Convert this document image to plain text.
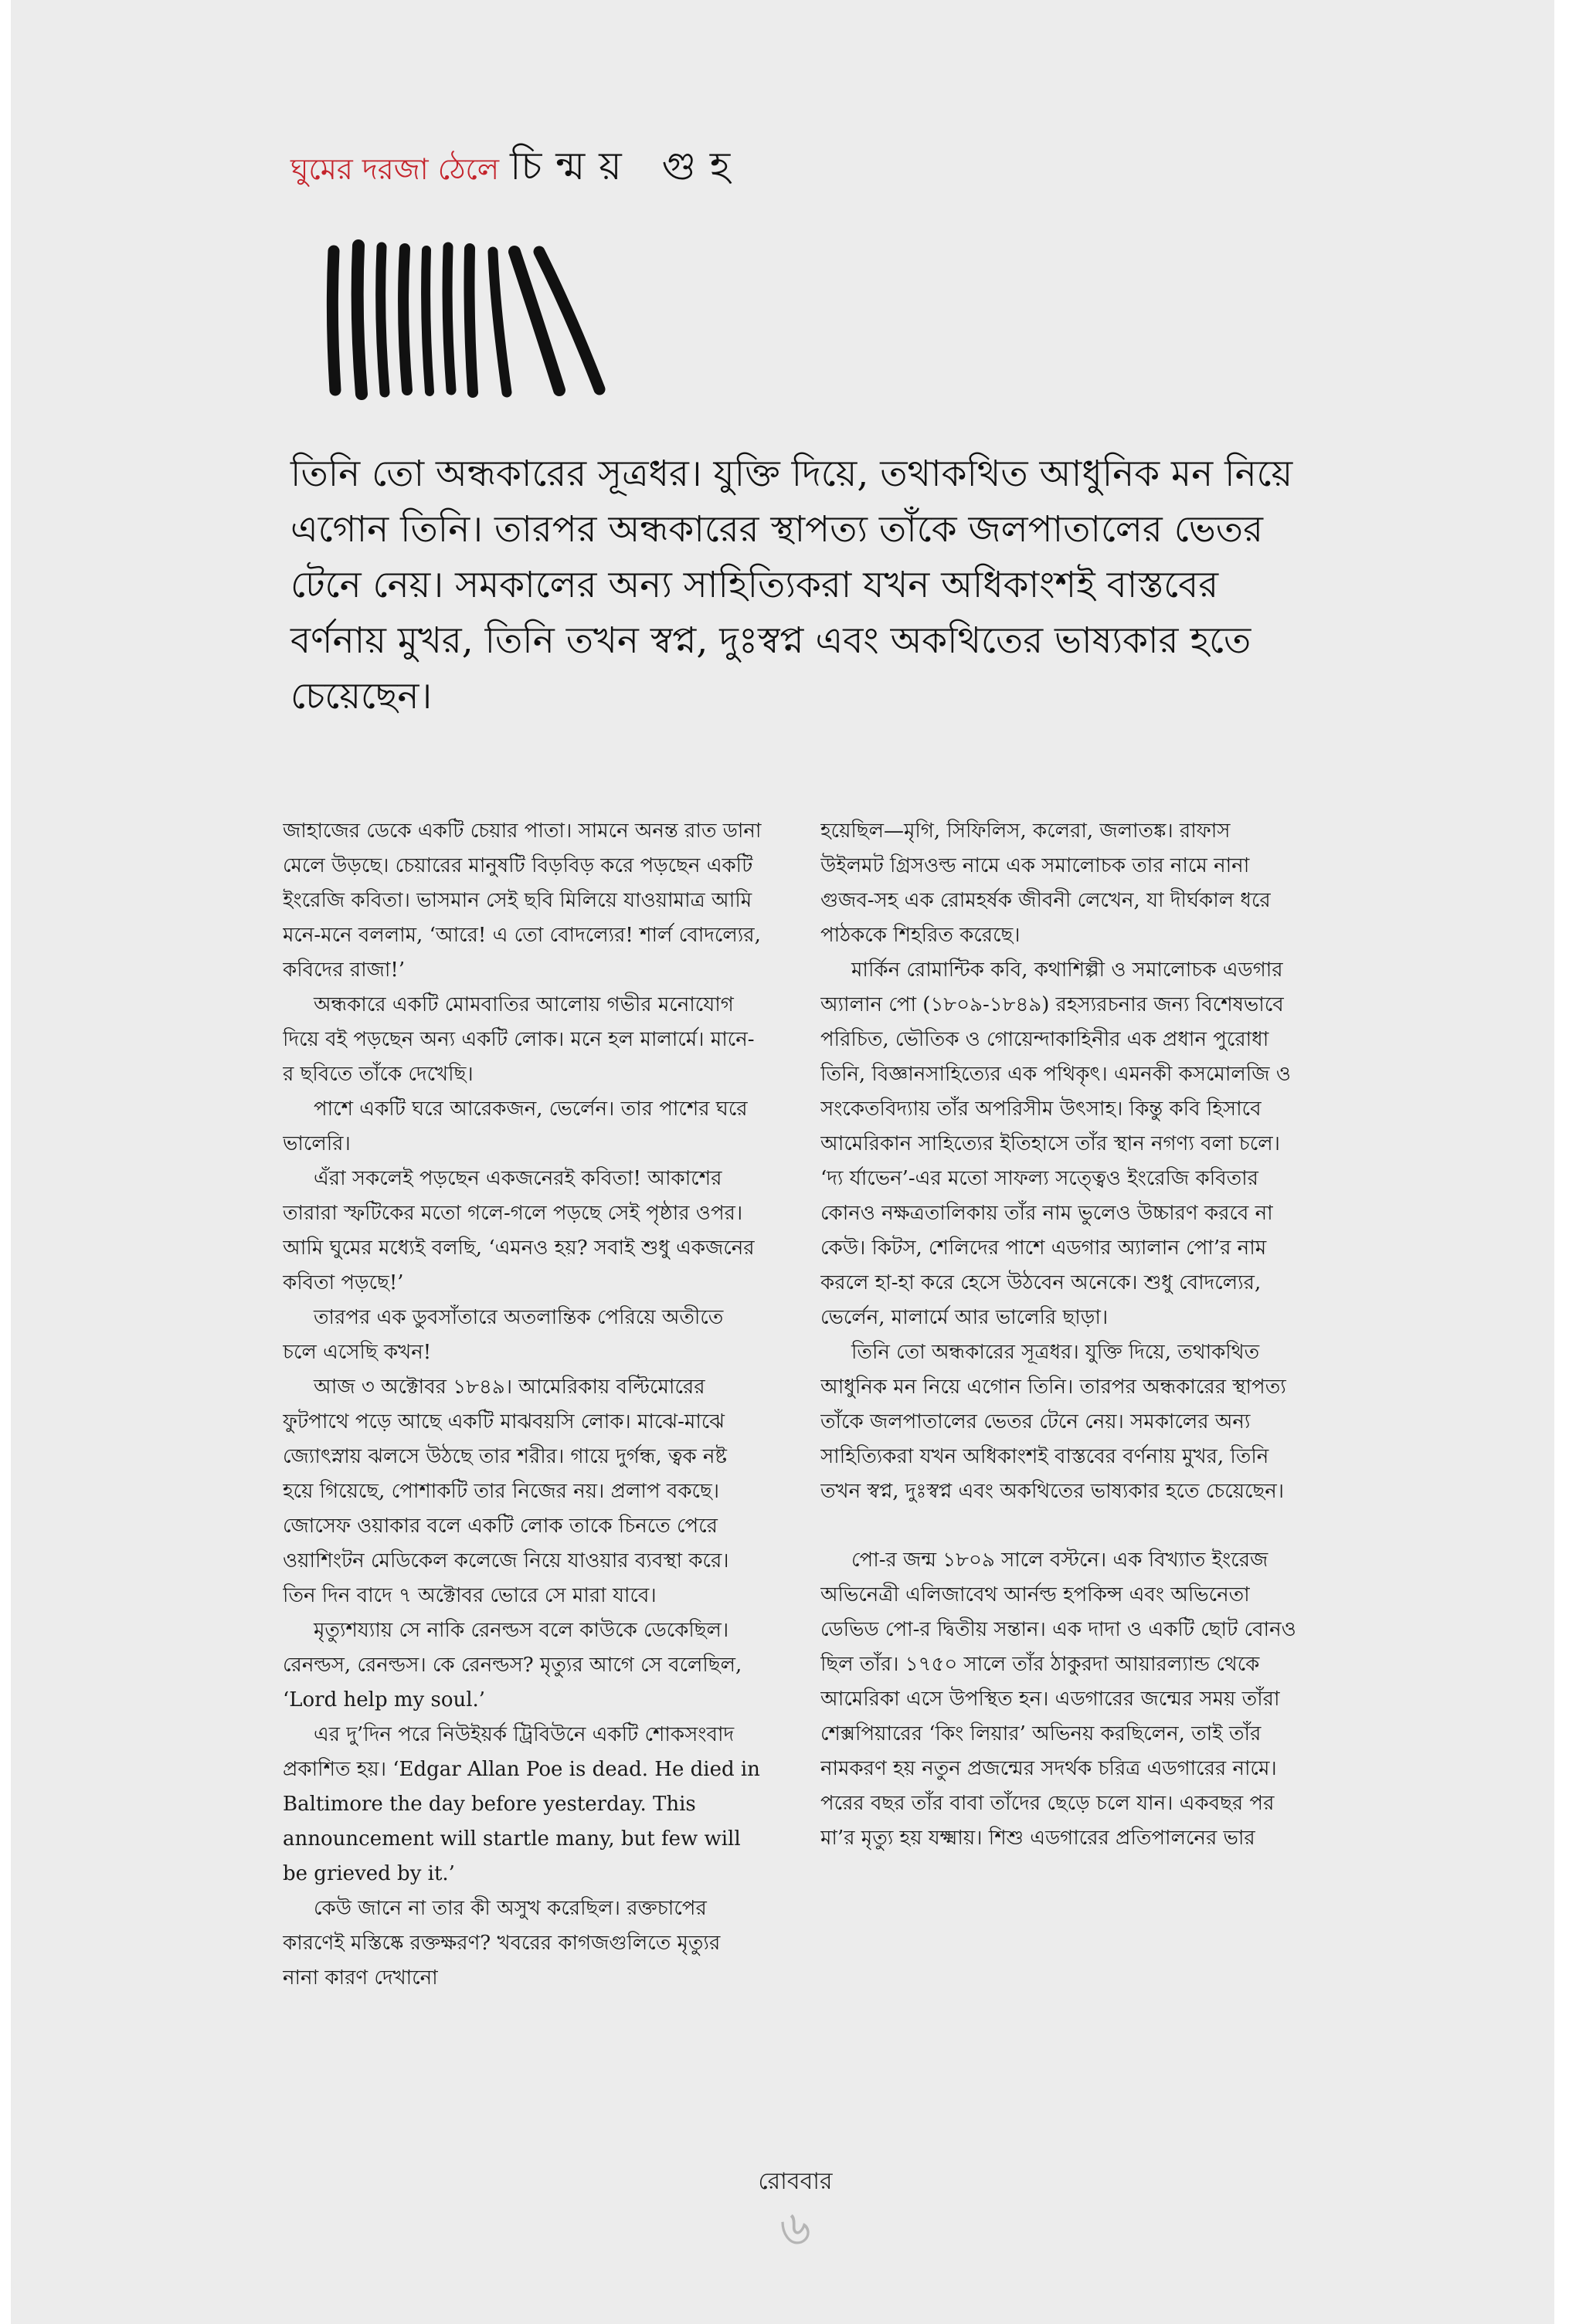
ঘুমের দরজা ঠেলে চিন্ময় গুহ

তিনি তো অন্ধকারের সূত্রধর। যুক্তি দিয়ে, তথাকথিত আধুনিক মন নিয়ে এগোন তিনি। তারপর অন্ধকারের স্থাপত্য তাঁকে জলপাতালের ভেতর টেনে নেয়। সমকালের অন্য সাহিত্যিকরা যখন অধিকাংশই বাস্তবের বর্ণনায় মুখর, তিনি তখন স্বপ্ন, দুঃস্বপ্ন এবং অকথিতের ভাষ্যকার হতে চেয়েছেন।

জাহাজের ডেকে একটি চেয়ার পাতা। সামনে অনন্ত রাত ডানা মেলে উড়ছে। চেয়ারের মানুষটি বিড়বিড় করে পড়ছেন একটি ইংরেজি কবিতা। ভাসমান সেই ছবি মিলিয়ে যাওয়ামাত্র আমি মনে-মনে বললাম, ‘আরে! এ তো বোদল্যের! শার্ল বোদল্যের, কবিদের রাজা!’

অন্ধকারে একটি মোমবাতির আলোয় গভীর মনোযোগ দিয়ে বই পড়ছেন অন্য একটি লোক। মনে হল মালার্মে। মানে-র ছবিতে তাঁকে দেখেছি।

পাশে একটি ঘরে আরেকজন, ভের্লেন। তার পাশের ঘরে ভালেরি।

এঁরা সকলেই পড়ছেন একজনেরই কবিতা! আকাশের তারারা স্ফটিকের মতো গলে-গলে পড়ছে সেই পৃষ্ঠার ওপর। আমি ঘুমের মধ্যেই বলছি, ‘এমনও হয়? সবাই শুধু একজনের কবিতা পড়ছে!’

তারপর এক ডুবসাঁতারে অতলান্তিক পেরিয়ে অতীতে চলে এসেছি কখন!

আজ ৩ অক্টোবর ১৮৪৯। আমেরিকায় বল্টিমোরের ফুটপাথে পড়ে আছে একটি মাঝবয়সি লোক। মাঝে-মাঝে জ্যোৎস্নায় ঝলসে উঠছে তার শরীর। গায়ে দুর্গন্ধ, ত্বক নষ্ট হয়ে গিয়েছে, পোশাকটি তার নিজের নয়। প্রলাপ বকছে। জোসেফ ওয়াকার বলে একটি লোক তাকে চিনতে পেরে ওয়াশিংটন মেডিকেল কলেজে নিয়ে যাওয়ার ব্যবস্থা করে। তিন দিন বাদে ৭ অক্টোবর ভোরে সে মারা যাবে।

মৃত্যুশয্যায় সে নাকি রেনল্ডস বলে কাউকে ডেকেছিল। রেনল্ডস, রেনল্ডস। কে রেনল্ডস? মৃত্যুর আগে সে বলেছিল, ‘Lord help my soul.’

এর দু’দিন পরে নিউইয়র্ক ট্রিবিউনে একটি শোকসংবাদ প্রকাশিত হয়। ‘Edgar Allan Poe is dead. He died in Baltimore the day before yesterday. This announcement will startle many, but few will be grieved by it.’

কেউ জানে না তার কী অসুখ করেছিল। রক্তচাপের কারণেই মস্তিষ্কে রক্তক্ষরণ? খবরের কাগজগুলিতে মৃত্যুর নানা কারণ দেখানো

হয়েছিল—মৃগি, সিফিলিস, কলেরা, জলাতঙ্ক। রাফাস উইলমট গ্রিসওল্ড নামে এক সমালোচক তার নামে নানা গুজব-সহ এক রোমহর্ষক জীবনী লেখেন, যা দীর্ঘকাল ধরে পাঠককে শিহরিত করেছে।

মার্কিন রোমান্টিক কবি, কথাশিল্পী ও সমালোচক এডগার অ্যালান পো (১৮০৯-১৮৪৯) রহস্যরচনার জন্য বিশেষভাবে পরিচিত, ভৌতিক ও গোয়েন্দাকাহিনীর এক প্রধান পুরোধা তিনি, বিজ্ঞানসাহিত্যের এক পথিকৃৎ। এমনকী কসমোলজি ও সংকেতবিদ্যায় তাঁর অপরিসীম উৎসাহ। কিন্তু কবি হিসাবে আমেরিকান সাহিত্যের ইতিহাসে তাঁর স্থান নগণ্য বলা চলে। ‘দ্য র্যাভেন’-এর মতো সাফল্য সত্ত্বেও ইংরেজি কবিতার কোনও নক্ষত্রতালিকায় তাঁর নাম ভুলেও উচ্চারণ করবে না কেউ। কিটস, শেলিদের পাশে এডগার অ্যালান পো’র নাম করলে হা-হা করে হেসে উঠবেন অনেকে। শুধু বোদল্যের, ভের্লেন, মালার্মে আর ভালেরি ছাড়া।

তিনি তো অন্ধকারের সূত্রধর। যুক্তি দিয়ে, তথাকথিত আধুনিক মন নিয়ে এগোন তিনি। তারপর অন্ধকারের স্থাপত্য তাঁকে জলপাতালের ভেতর টেনে নেয়। সমকালের অন্য সাহিত্যিকরা যখন অধিকাংশই বাস্তবের বর্ণনায় মুখর, তিনি তখন স্বপ্ন, দুঃস্বপ্ন এবং অকথিতের ভাষ্যকার হতে চেয়েছেন।

পো-র জন্ম ১৮০৯ সালে বস্টনে। এক বিখ্যাত ইংরেজ অভিনেত্রী এলিজাবেথ আর্নল্ড হপকিন্স এবং অভিনেতা ডেভিড পো-র দ্বিতীয় সন্তান। এক দাদা ও একটি ছোট বোনও ছিল তাঁর। ১৭৫০ সালে তাঁর ঠাকুরদা আয়ারল্যান্ড থেকে আমেরিকা এসে উপস্থিত হন। এডগারের জন্মের সময় তাঁরা শেক্সপিয়ারের ‘কিং লিয়ার’ অভিনয় করছিলেন, তাই তাঁর নামকরণ হয় নতুন প্রজন্মের সদর্থক চরিত্র এডগারের নামে। পরের বছর তাঁর বাবা তাঁদের ছেড়ে চলে যান। একবছর পর মা’র মৃত্যু হয় যক্ষ্মায়। শিশু এডগারের প্রতিপালনের ভার

রোববার
৬
